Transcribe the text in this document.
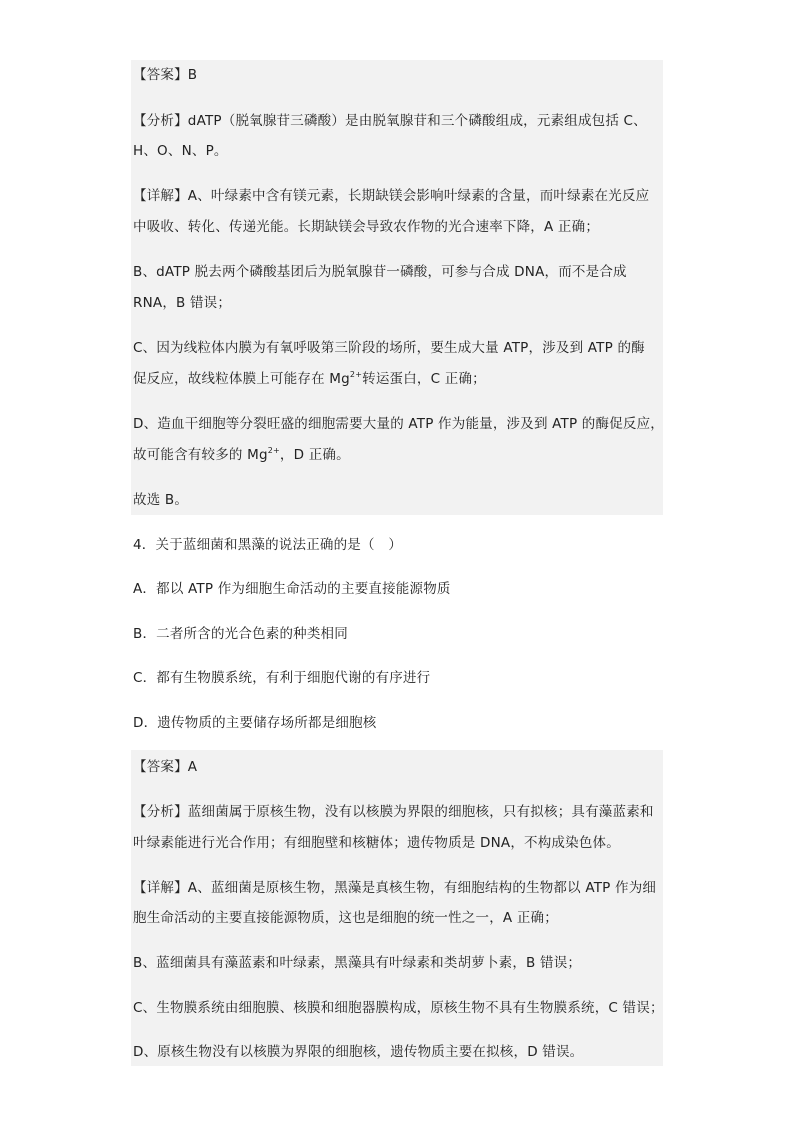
【答案】B
【分析】dATP（脱氧腺苷三磷酸）是由脱氧腺苷和三个磷酸组成，元素组成包括 C、
H、O、N、P。
【详解】A、叶绿素中含有镁元素，长期缺镁会影响叶绿素的含量，而叶绿素在光反应
中吸收、转化、传递光能。长期缺镁会导致农作物的光合速率下降，A 正确；
B、dATP 脱去两个磷酸基团后为脱氧腺苷一磷酸，可参与合成 DNA，而不是合成
RNA，B 错误；
C、因为线粒体内膜为有氧呼吸第三阶段的场所，要生成大量 ATP，涉及到 ATP 的酶
促反应，故线粒体膜上可能存在 $Mg^{2+}$转运蛋白，C 正确；
D、造血干细胞等分裂旺盛的细胞需要大量的 ATP 作为能量，涉及到 ATP 的酶促反应，
故可能含有较多的 $Mg^{2+}$，D 正确。
故选 B。
4．关于蓝细菌和黑藻的说法正确的是（　）
A．都以 ATP 作为细胞生命活动的主要直接能源物质
B．二者所含的光合色素的种类相同
C．都有生物膜系统，有利于细胞代谢的有序进行
D．遗传物质的主要储存场所都是细胞核
【答案】A
【分析】蓝细菌属于原核生物，没有以核膜为界限的细胞核，只有拟核；具有藻蓝素和
叶绿素能进行光合作用；有细胞壁和核糖体；遗传物质是 DNA，不构成染色体。
【详解】A、蓝细菌是原核生物，黑藻是真核生物，有细胞结构的生物都以 ATP 作为细
胞生命活动的主要直接能源物质，这也是细胞的统一性之一，A 正确；
B、蓝细菌具有藻蓝素和叶绿素，黑藻具有叶绿素和类胡萝卜素，B 错误；
C、生物膜系统由细胞膜、核膜和细胞器膜构成，原核生物不具有生物膜系统，C 错误；
D、原核生物没有以核膜为界限的细胞核，遗传物质主要在拟核，D 错误。
